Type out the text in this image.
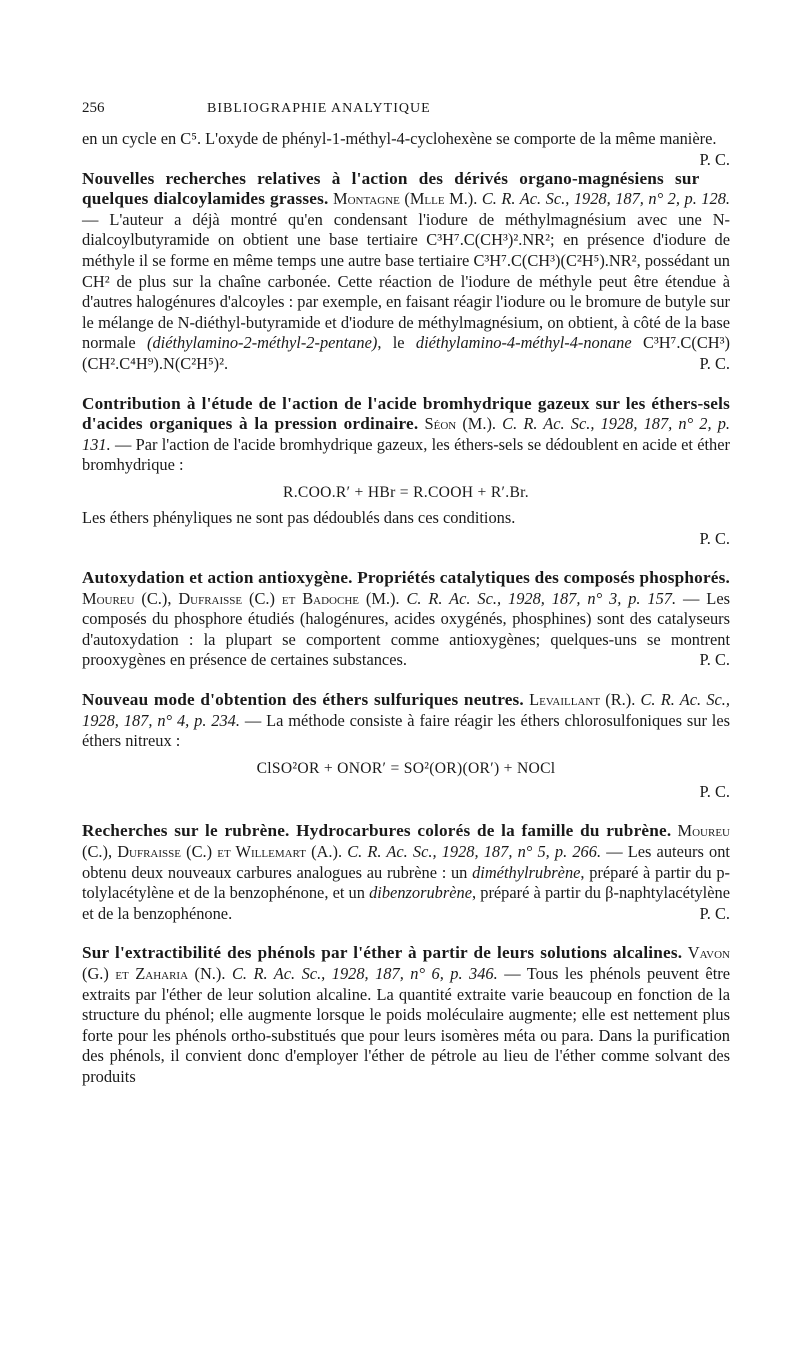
256	BIBLIOGRAPHIE ANALYTIQUE

en un cycle en C⁵. L'oxyde de phényl-1-méthyl-4-cyclohexène se comporte de la même manière.
P. C.

Nouvelles recherches relatives à l'action des dérivés organo-magnésiens sur quelques dialcoylamides grasses. Montagne (Mlle M.). C. R. Ac. Sc., 1928, 187, n° 2, p. 128. — L'auteur a déjà montré qu'en condensant l'iodure de méthylmagnésium avec une N-dialcoylbutyramide on obtient une base tertiaire C³H⁷.C(CH³)².NR²; en présence d'iodure de méthyle il se forme en même temps une autre base tertiaire C³H⁷.C(CH³)(C²H⁵).NR², possédant un CH² de plus sur la chaîne carbonée. Cette réaction de l'iodure de méthyle peut être étendue à d'autres halogénures d'alcoyles : par exemple, en faisant réagir l'iodure ou le bromure de butyle sur le mélange de N-diéthyl-butyramide et d'iodure de méthylmagnésium, on obtient, à côté de la base normale (diéthylamino-2-méthyl-2-pentane), le diéthylamino-4-méthyl-4-nonane C³H⁷.C(CH³)(CH².C⁴H⁹).N(C²H⁵)².	P. C.

Contribution à l'étude de l'action de l'acide bromhydrique gazeux sur les éthers-sels d'acides organiques à la pression ordinaire. Séon (M.). C. R. Ac. Sc., 1928, 187, n° 2, p. 131. — Par l'action de l'acide bromhydrique gazeux, les éthers-sels se dédoublent en acide et éther bromhydrique :

R.COO.R′ + HBr = R.COOH + R′.Br.

Les éthers phényliques ne sont pas dédoublés dans ces conditions.

P. C.

Autoxydation et action antioxygène. Propriétés catalytiques des composés phosphorés. Moureu (C.), Dufraisse (C.) et Badoche (M.). C. R. Ac. Sc., 1928, 187, n° 3, p. 157. — Les composés du phosphore étudiés (halogénures, acides oxygénés, phosphines) sont des catalyseurs d'autoxydation : la plupart se comportent comme antioxygènes; quelques-uns se montrent prooxygènes en présence de certaines substances.	P. C.

Nouveau mode d'obtention des éthers sulfuriques neutres. Levaillant (R.). C. R. Ac. Sc., 1928, 187, n° 4, p. 234. — La méthode consiste à faire réagir les éthers chlorosulfoniques sur les éthers nitreux :

ClSO²OR + ONOR′ = SO²(OR)(OR′) + NOCl
P. C.

Recherches sur le rubrène. Hydrocarbures colorés de la famille du rubrène. Moureu (C.), Dufraisse (C.) et Willemart (A.). C. R. Ac. Sc., 1928, 187, n° 5, p. 266. — Les auteurs ont obtenu deux nouveaux carbures analogues au rubrène : un diméthylrubrène, préparé à partir du p-tolylacétylène et de la benzophénone, et un dibenzorubrène, préparé à partir du β-naphtylacétylène et de la benzophénone.	P. C.

Sur l'extractibilité des phénols par l'éther à partir de leurs solutions alcalines. Vavon (G.) et Zaharia (N.). C. R. Ac. Sc., 1928, 187, n° 6, p. 346. — Tous les phénols peuvent être extraits par l'éther de leur solution alcaline. La quantité extraite varie beaucoup en fonction de la structure du phénol; elle augmente lorsque le poids moléculaire augmente; elle est nettement plus forte pour les phénols ortho-substitués que pour leurs isomères méta ou para. Dans la purification des phénols, il convient donc d'employer l'éther de pétrole au lieu de l'éther comme solvant des produits
